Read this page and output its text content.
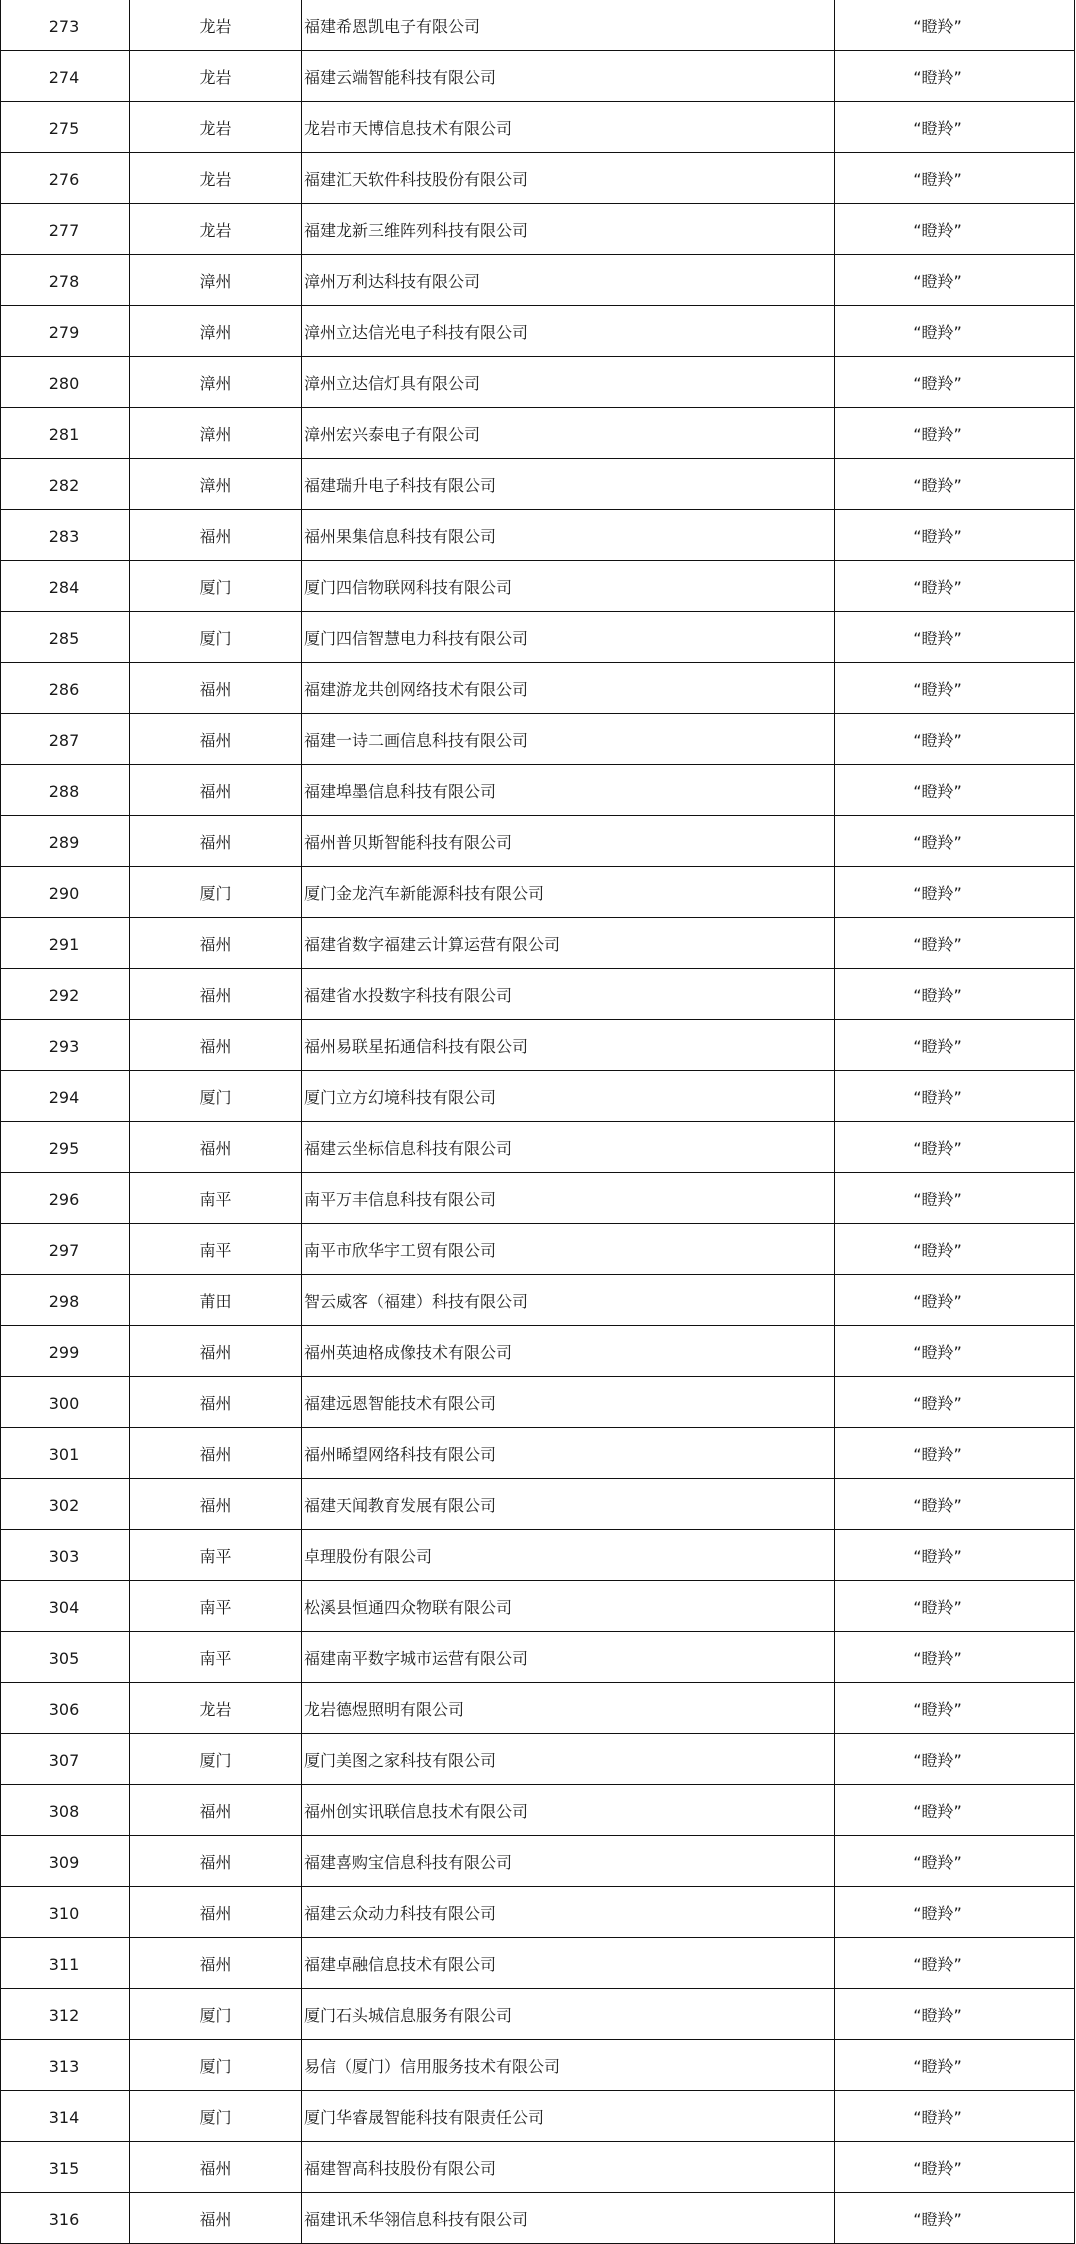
273	龙岩	福建希恩凯电子有限公司	“瞪羚”
274	龙岩	福建云端智能科技有限公司	“瞪羚”
275	龙岩	龙岩市天博信息技术有限公司	“瞪羚”
276	龙岩	福建汇天软件科技股份有限公司	“瞪羚”
277	龙岩	福建龙新三维阵列科技有限公司	“瞪羚”
278	漳州	漳州万利达科技有限公司	“瞪羚”
279	漳州	漳州立达信光电子科技有限公司	“瞪羚”
280	漳州	漳州立达信灯具有限公司	“瞪羚”
281	漳州	漳州宏兴泰电子有限公司	“瞪羚”
282	漳州	福建瑞升电子科技有限公司	“瞪羚”
283	福州	福州果集信息科技有限公司	“瞪羚”
284	厦门	厦门四信物联网科技有限公司	“瞪羚”
285	厦门	厦门四信智慧电力科技有限公司	“瞪羚”
286	福州	福建游龙共创网络技术有限公司	“瞪羚”
287	福州	福建一诗二画信息科技有限公司	“瞪羚”
288	福州	福建埠墨信息科技有限公司	“瞪羚”
289	福州	福州普贝斯智能科技有限公司	“瞪羚”
290	厦门	厦门金龙汽车新能源科技有限公司	“瞪羚”
291	福州	福建省数字福建云计算运营有限公司	“瞪羚”
292	福州	福建省水投数字科技有限公司	“瞪羚”
293	福州	福州易联星拓通信科技有限公司	“瞪羚”
294	厦门	厦门立方幻境科技有限公司	“瞪羚”
295	福州	福建云坐标信息科技有限公司	“瞪羚”
296	南平	南平万丰信息科技有限公司	“瞪羚”
297	南平	南平市欣华宇工贸有限公司	“瞪羚”
298	莆田	智云威客（福建）科技有限公司	“瞪羚”
299	福州	福州英迪格成像技术有限公司	“瞪羚”
300	福州	福建远恩智能技术有限公司	“瞪羚”
301	福州	福州晞望网络科技有限公司	“瞪羚”
302	福州	福建天闻教育发展有限公司	“瞪羚”
303	南平	卓理股份有限公司	“瞪羚”
304	南平	松溪县恒通四众物联有限公司	“瞪羚”
305	南平	福建南平数字城市运营有限公司	“瞪羚”
306	龙岩	龙岩德煜照明有限公司	“瞪羚”
307	厦门	厦门美图之家科技有限公司	“瞪羚”
308	福州	福州创实讯联信息技术有限公司	“瞪羚”
309	福州	福建喜购宝信息科技有限公司	“瞪羚”
310	福州	福建云众动力科技有限公司	“瞪羚”
311	福州	福建卓融信息技术有限公司	“瞪羚”
312	厦门	厦门石头城信息服务有限公司	“瞪羚”
313	厦门	易信（厦门）信用服务技术有限公司	“瞪羚”
314	厦门	厦门华睿晟智能科技有限责任公司	“瞪羚”
315	福州	福建智高科技股份有限公司	“瞪羚”
316	福州	福建讯禾华翎信息科技有限公司	“瞪羚”
